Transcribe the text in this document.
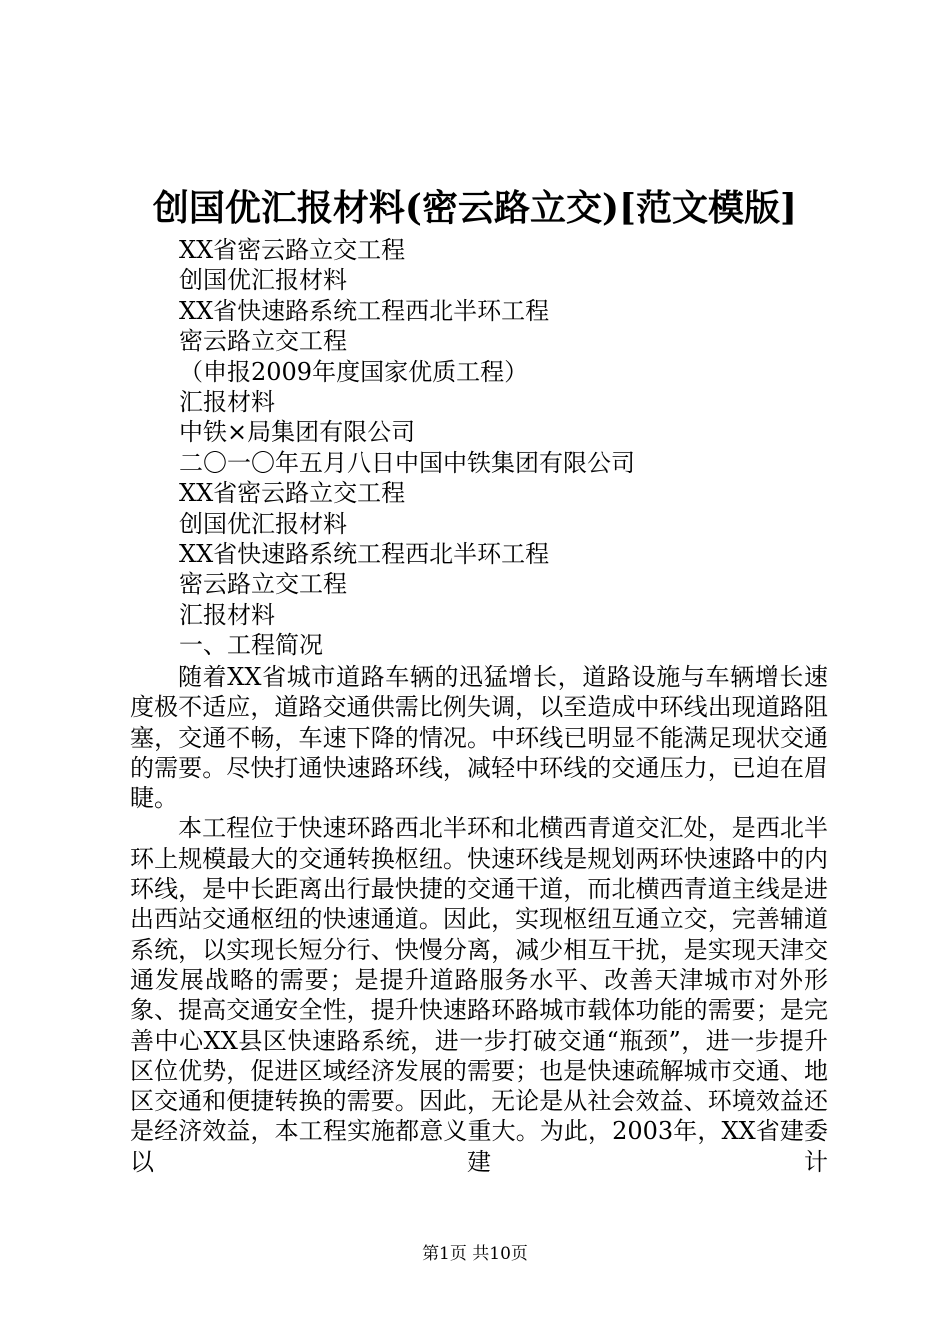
创国优汇报材料(密云路立交)[范文模版]
XX省密云路立交工程
创国优汇报材料
XX省快速路系统工程西北半环工程
密云路立交工程
（申报2009年度国家优质工程）
汇报材料
中铁×局集团有限公司
二〇一〇年五月八日中国中铁集团有限公司
XX省密云路立交工程
创国优汇报材料
XX省快速路系统工程西北半环工程
密云路立交工程
汇报材料
一、工程简况

随着XX省城市道路车辆的迅猛增长，道路设施与车辆增长速度极不适应，道路交通供需比例失调，以至造成中环线出现道路阻塞，交通不畅，车速下降的情况。中环线已明显不能满足现状交通的需要。尽快打通快速路环线，减轻中环线的交通压力，已迫在眉睫。

本工程位于快速环路西北半环和北横西青道交汇处，是西北半环上规模最大的交通转换枢纽。快速环线是规划两环快速路中的内环线，是中长距离出行最快捷的交通干道，而北横西青道主线是进出西站交通枢纽的快速通道。因此，实现枢纽互通立交，完善辅道系统，以实现长短分行、快慢分离，减少相互干扰，是实现天津交通发展战略的需要；是提升道路服务水平、改善天津城市对外形象、提高交通安全性，提升快速路环路城市载体功能的需要；是完善中心XX县区快速路系统，进一步打破交通“瓶颈”，进一步提升区位优势，促进区域经济发展的需要；也是快速疏解城市交通、地区交通和便捷转换的需要。因此，无论是从社会效益、环境效益还是经济效益，本工程实施都意义重大。为此，2003年，XX省建委以建计

第1页 共10页
